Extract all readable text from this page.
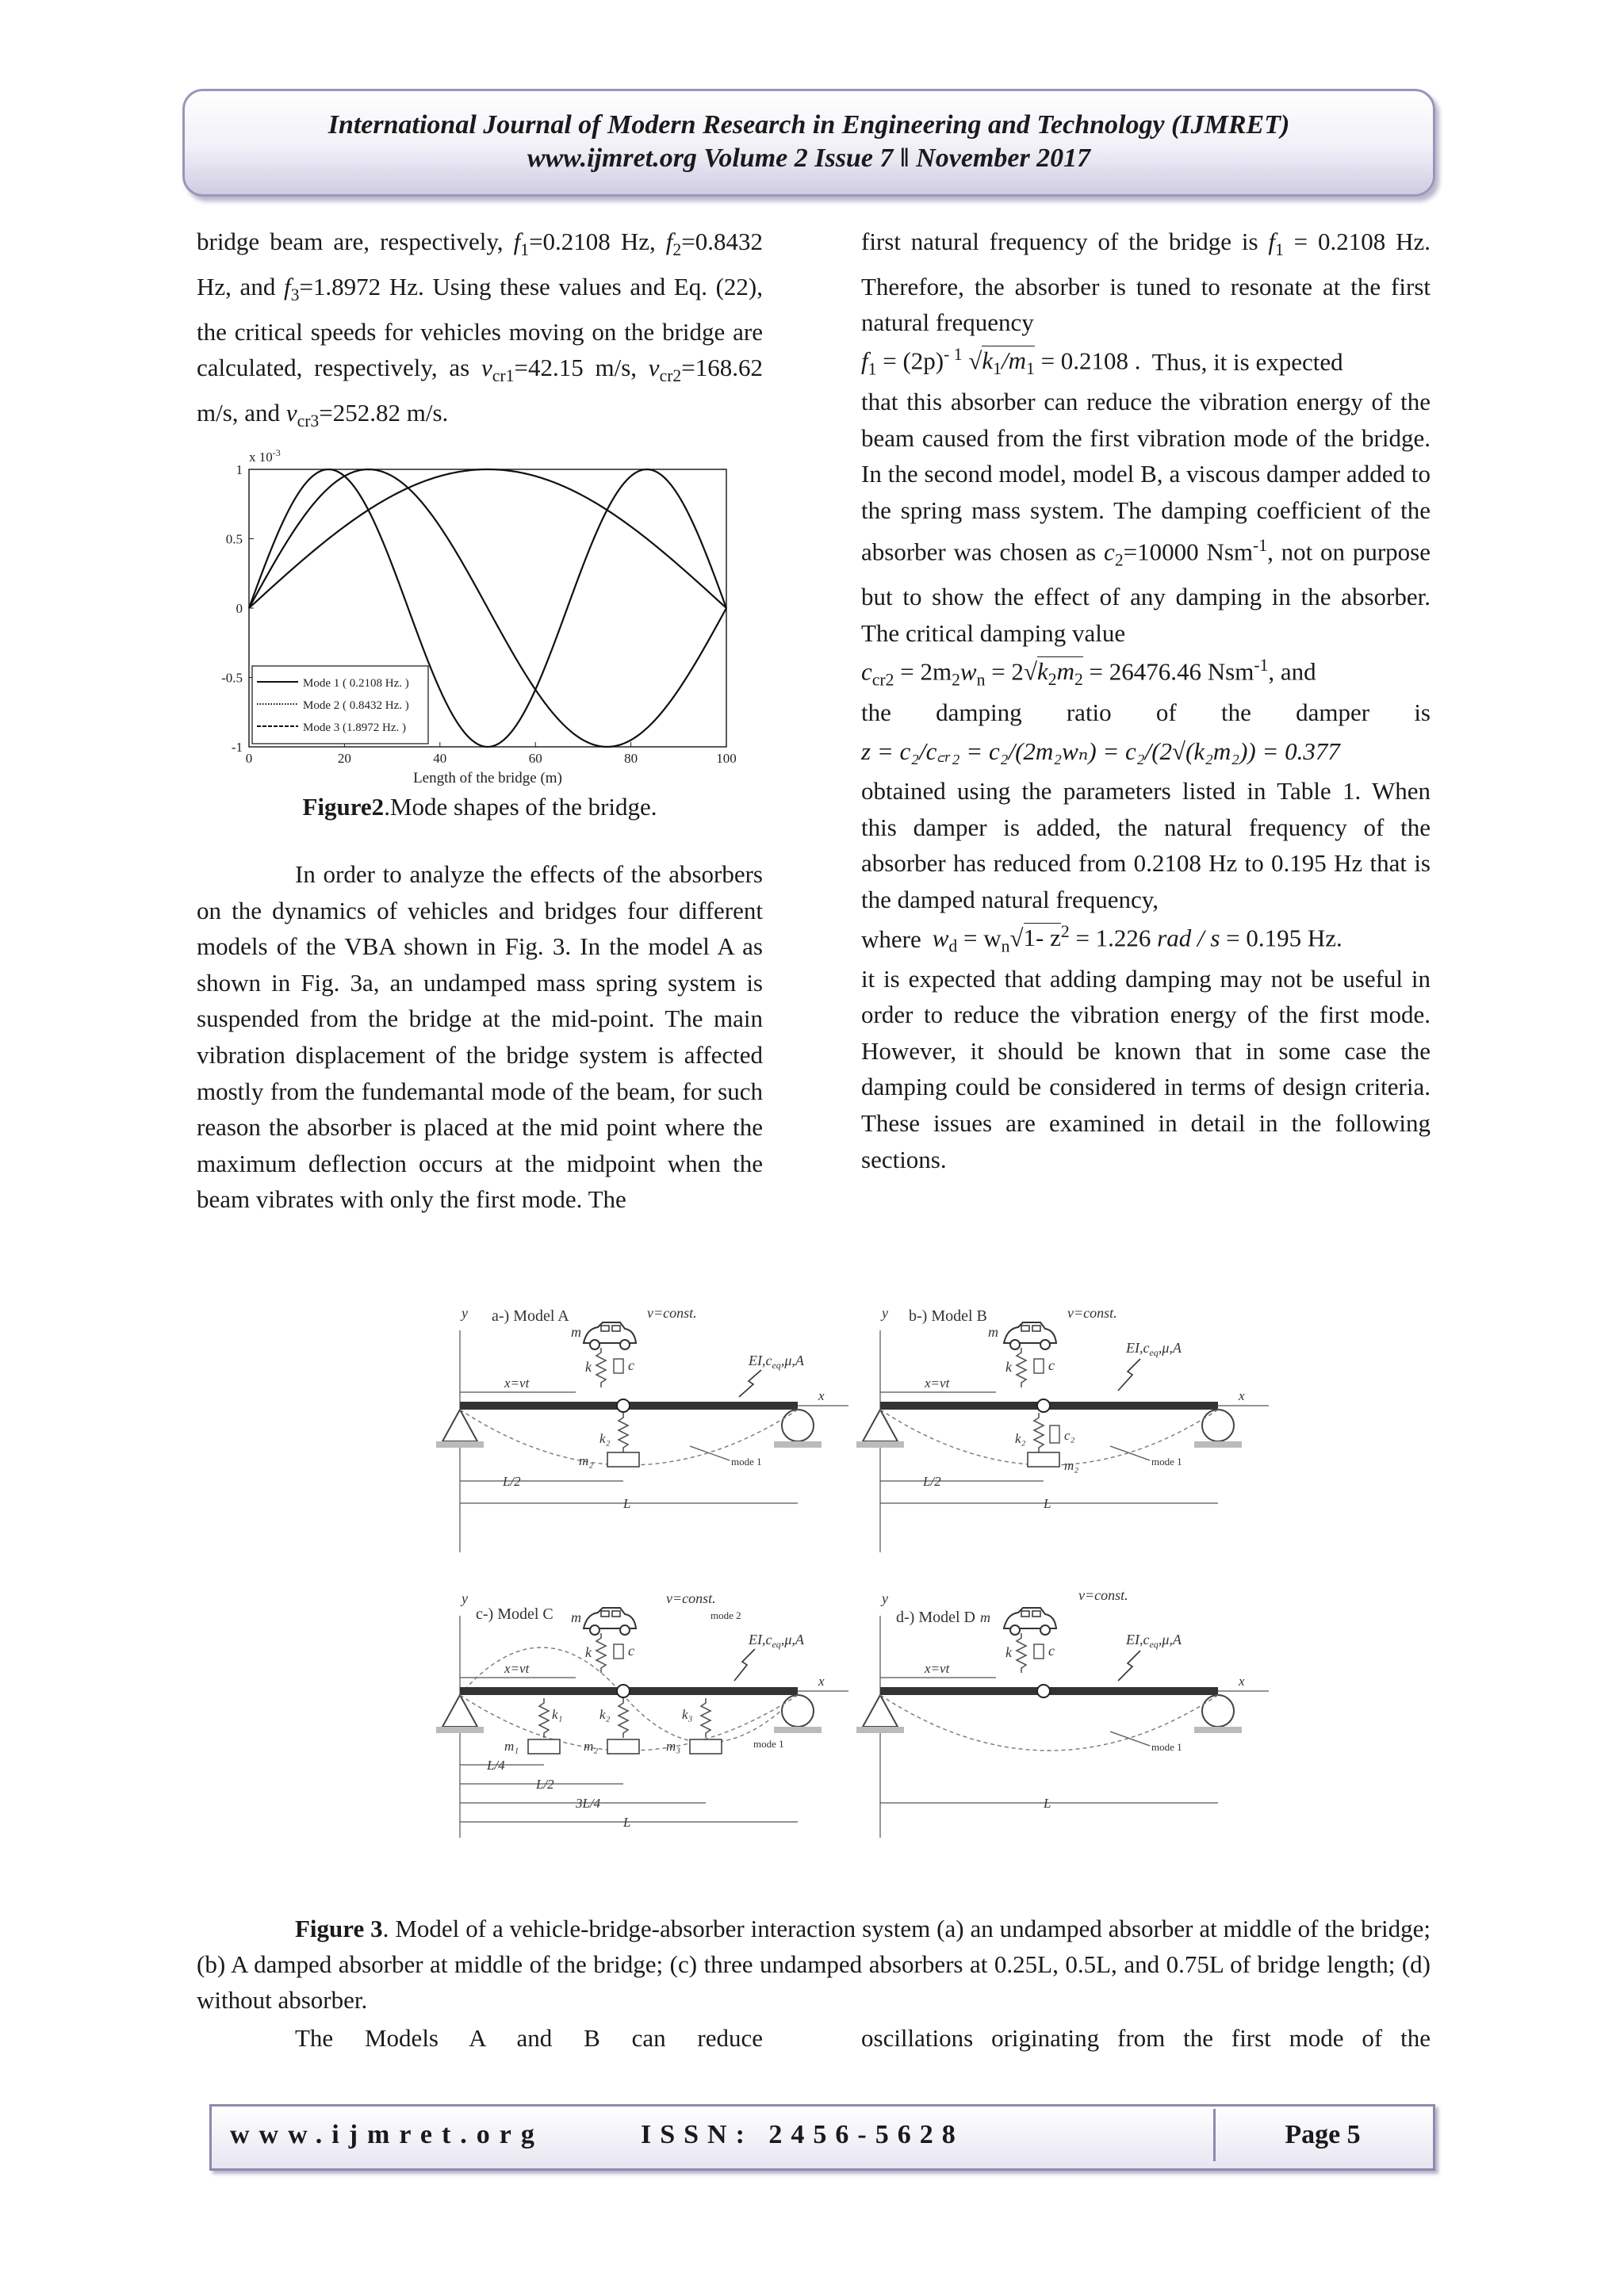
International Journal of Modern Research in Engineering and Technology (IJMRET)
www.ijmret.org Volume 2 Issue 7 ǁ November 2017

bridge beam are, respectively, $f_1=0.2108$ Hz, $f_2=0.8432$ Hz, and $f_3=1.8972$ Hz. Using these values and Eq. (22), the critical speeds for vehicles moving on the bridge are calculated, respectively, as $v_{cr1}=42.15$ m/s, $v_{cr2}=168.62$ m/s, and $v_{cr3}=252.82$ m/s.

x $10^{-3}$
0	20	40	60	80	100
1
0.5
0
-0.5
-1
Length of the bridge (m)
Mode 1 ( 0.2108 Hz. )
Mode 2 ( 0.8432 Hz. )
Mode 3 (1.8972 Hz. )
Figure2.Mode shapes of the bridge.
In order to analyze the effects of the absorbers on the dynamics of vehicles and bridges four different models of the VBA shown in Fig. 3. In the model A as shown in Fig. 3a, an undamped mass spring system is suspended from the bridge at the mid-point. The main vibration displacement of the bridge system is affected mostly from the fundemantal mode of the beam, for such reason the absorber is placed at the mid point where the maximum deflection occurs at the midpoint when the beam vibrates with only the first mode. The

first natural frequency of the bridge is $f_1 = 0.2108$ Hz. Therefore, the absorber is tuned to resonate at the first natural frequency

$f_1 = (2p)^{- 1}$ $√k_1/m_1 = 0.2108$ . Thus, it is expected

that this absorber can reduce the vibration energy of the beam caused from the first vibration mode of the bridge. In the second model, model B, a viscous damper added to the spring mass system. The damping coefficient of the absorber was chosen as $c_2=10000$ Nsm$^{-1}$, not on purpose but to show the effect of any damping in the absorber. The critical damping value

$c_{cr2} = 2m_2w_n = 2√k_2m_2 = 26476.46$ Nsm$^{-1}$, and

the damping ratio of the damper is

z = c₂/c꜀ᵣ₂ = c₂/(2m₂wₙ) = c₂/(2√(k₂m₂)) = 0.377

obtained using the parameters listed in Table 1. When this damper is added, the natural frequency of the absorber has reduced from 0.2108 Hz to 0.195 Hz that is the damped natural frequency,

where $w_d = w_n√1-$ $z^2 = 1.226$ rad / s = 0.195 Hz.

it is expected that adding damping may not be useful in order to reduce the vibration energy of the first mode. However, it should be known that in some case the damping could be considered in terms of design criteria. These issues are examined in detail in the following sections.

y a-) Model A	v=const.
m
k	c	$EI,c_{eq},\mu,A$
x=vt
x
k₂
m₂	mode 1
L/2
L
y b-) Model B	v=const.
m
k	c
$EI,c_{eq},\mu,A$
x=vt
x
k₂	c₂
m₂	mode 1
L/2
L
y
c-) Model C
v=const.
mode 2
m
k	c
$EI,c_{eq},\mu,A$
x=vt
x
k₁	k₂	k₃
m₁	m₂	m₃	mode 1
L/4
L/2
3L/4
L
y
d-) Model D
v=const.
m
k	c
$EI,c_{eq},\mu,A$
x=vt
x
mode 1
L
Figure 3. Model of a vehicle-bridge-absorber interaction system (a) an undamped absorber at middle of the bridge; (b) A damped absorber at middle of the bridge; (c) three undamped absorbers at 0.25L, 0.5L, and 0.75L of bridge length; (d) without absorber.
The Models A and B can reduce	oscillations originating from the first mode of the
www.ijmret.org	ISSN: 2456-5628	Page 5
